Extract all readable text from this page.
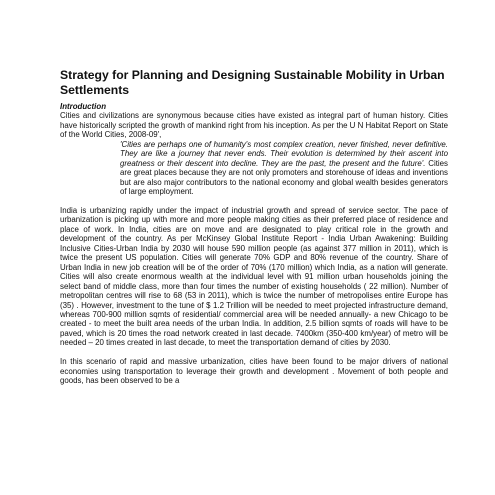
Strategy for Planning and Designing Sustainable Mobility in Urban Settlements

Introduction

Cities and civilizations are synonymous because cities have existed as integral part of human history. Cities have historically scripted the growth of mankind right from his inception. As per the U N Habitat Report on State of the World Cities, 2008-09',

'Cities are perhaps one of humanity's most complex creation, never finished, never definitive. They are like a journey that never ends. Their evolution is determined by their ascent into greatness or their descent into decline. They are the past, the present and the future'. Cities are great places because they are not only promoters and storehouse of ideas and inventions but are also major contributors to the national economy and global wealth besides generators of large employment.

India is urbanizing rapidly under the impact of industrial growth and spread of service sector. The pace of urbanization is picking up with more and more people making cities as their preferred place of residence and place of work. In India, cities are on move and are designated to play critical role in the growth and development of the country. As per McKinsey Global Institute Report - India Urban Awakening: Building Inclusive Cities-Urban India by 2030 will house 590 million people (as against 377 million in 2011), which is twice the present US population. Cities will generate 70% GDP and 80% revenue of the country. Share of Urban India in new job creation will be of the order of 70% (170 million) which India, as a nation will generate. Cities will also create enormous wealth at the individual level with 91 million urban households joining the select band of middle class, more than four times the number of existing households ( 22 million). Number of metropolitan centres will rise to 68 (53 in 2011), which is twice the number of metropolises entire Europe has (35) . However, investment to the tune of $ 1.2 Trillion will be needed to meet projected infrastructure demand, whereas 700-900 million sqmts of residential/ commercial area will be needed annually- a new Chicago to be created - to meet the built area needs of the urban India. In addition, 2.5 billion sqmts of roads will have to be paved, which is 20 times the road network created in last decade. 7400km (350-400 km/year) of metro will be needed – 20 times created in last decade, to meet the transportation demand of cities by 2030.

In this scenario of rapid and massive urbanization, cities have been found to be major drivers of national economies using transportation to leverage their growth and development . Movement of both people and goods, has been observed to be a
